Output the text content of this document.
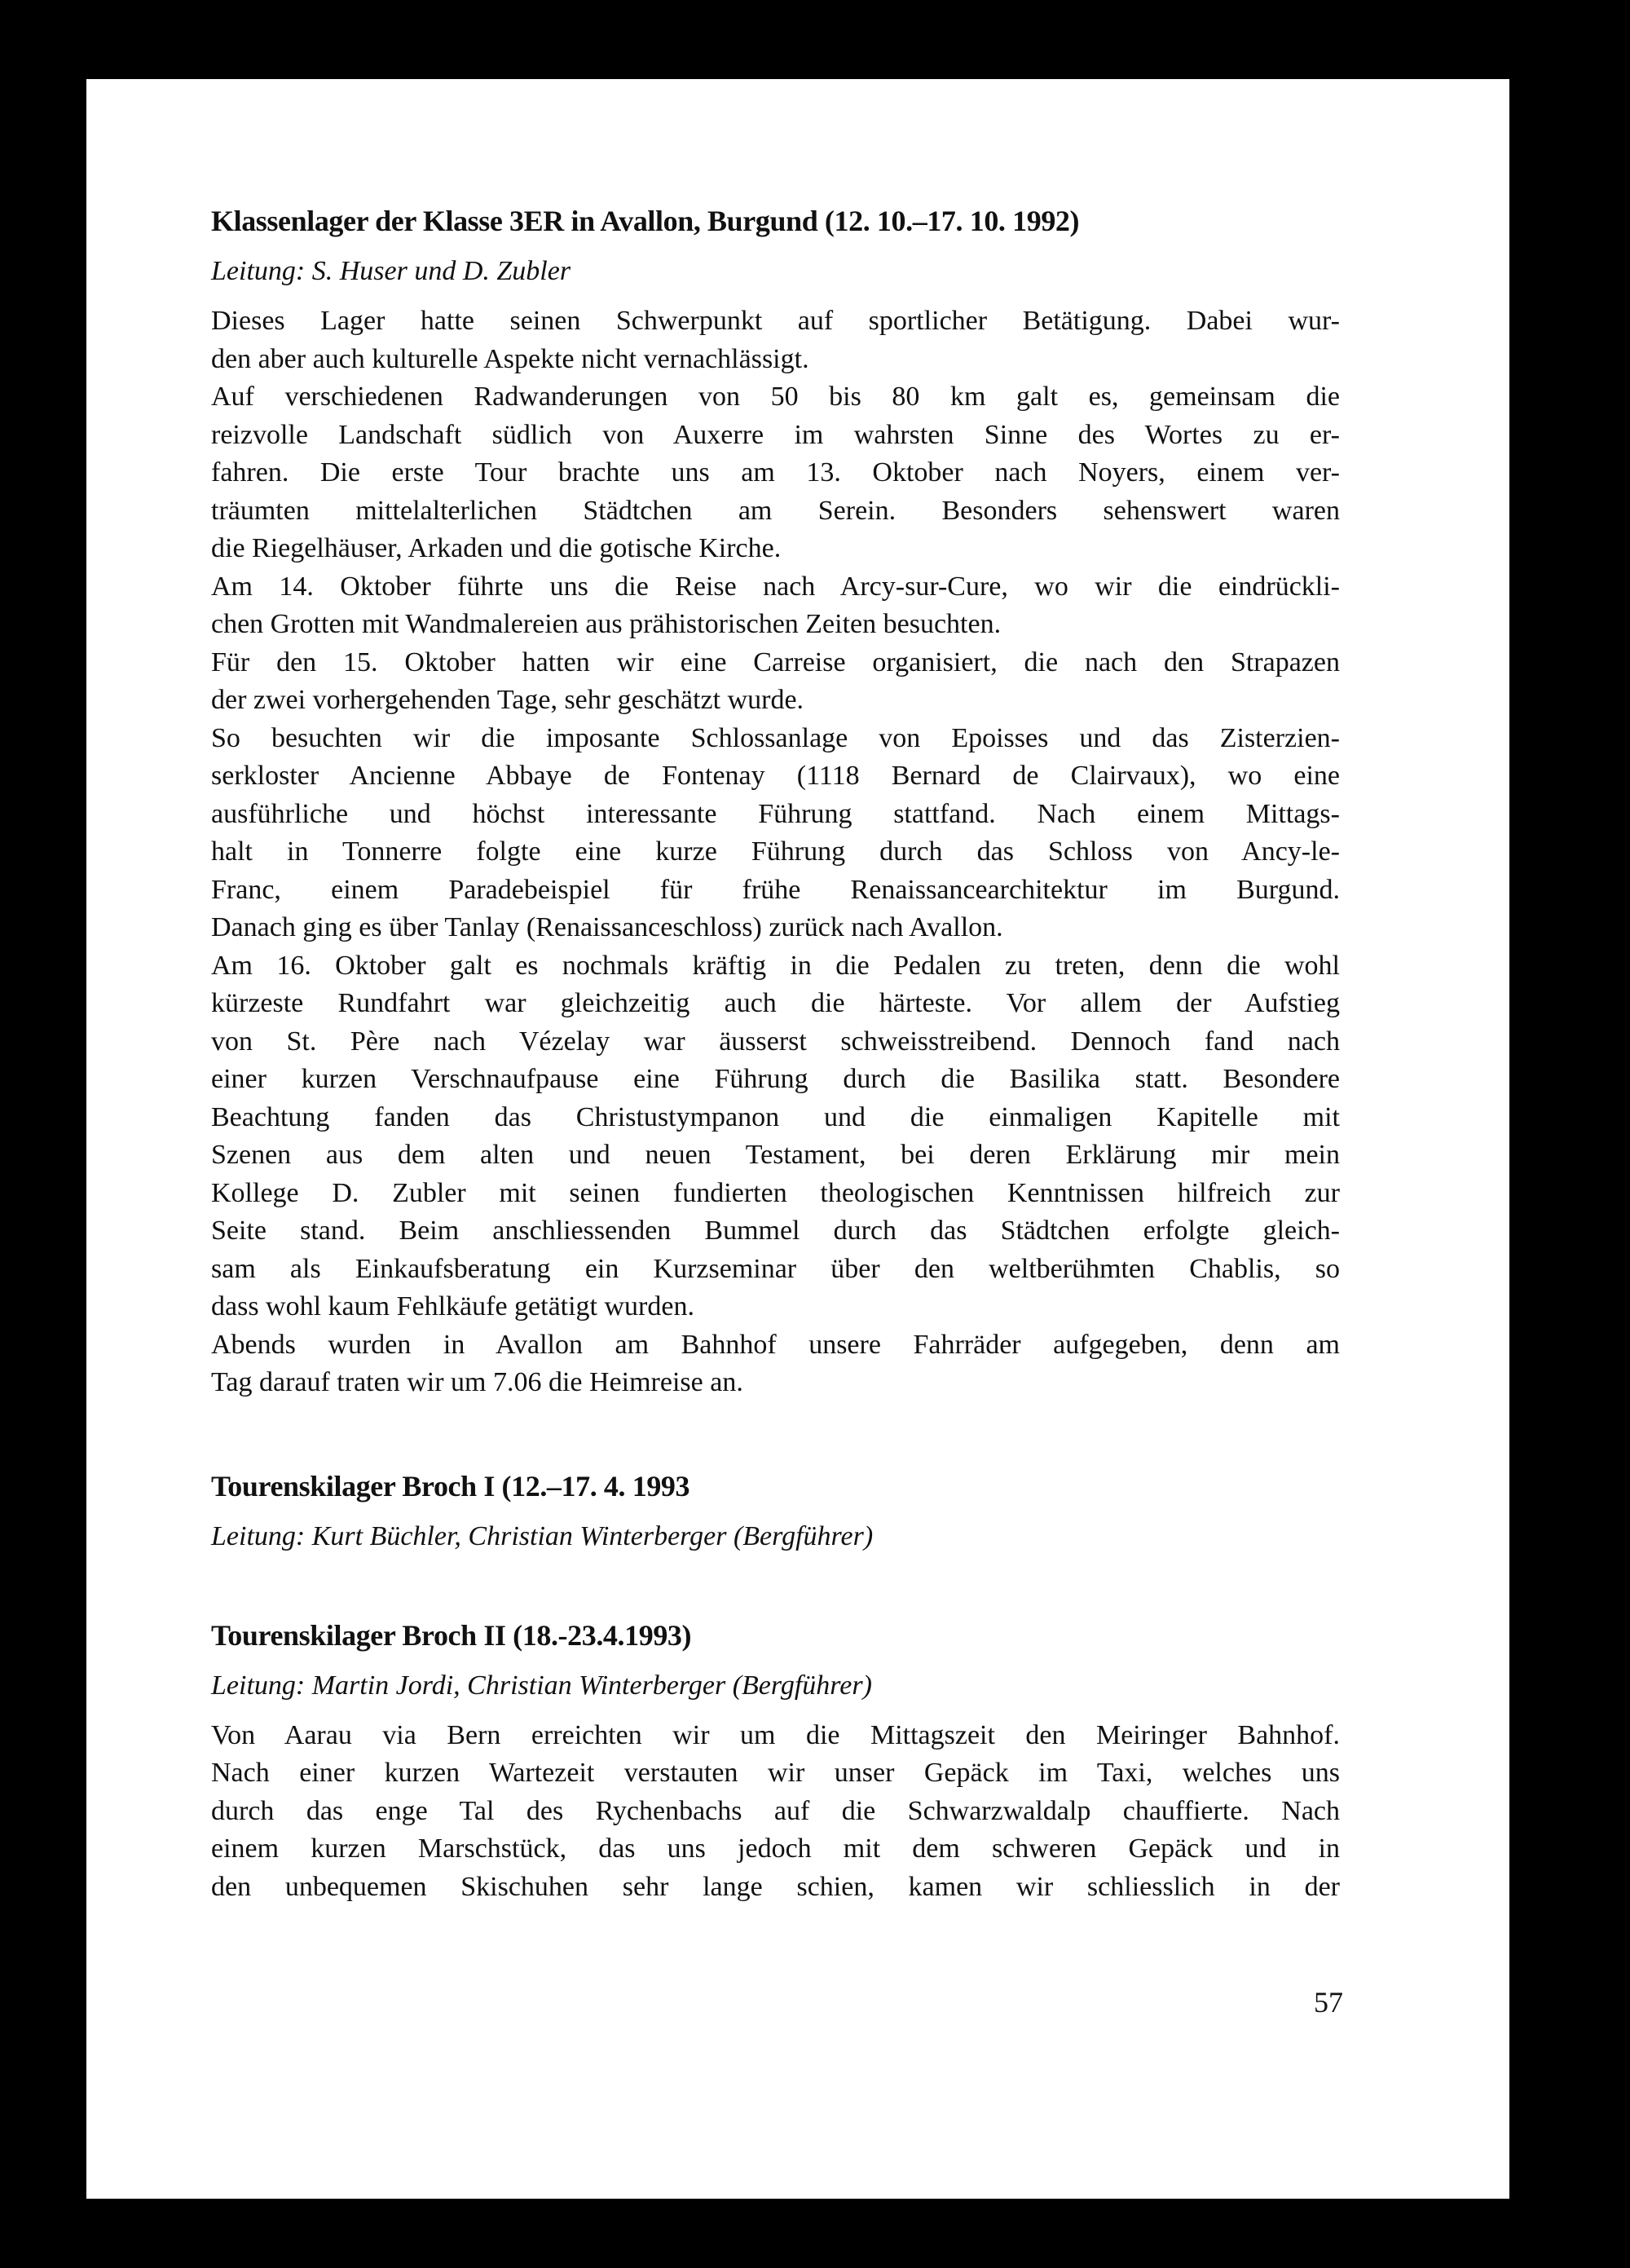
Klassenlager der Klasse 3ER in Avallon, Burgund (12. 10.–17. 10. 1992)
Leitung: S. Huser und D. Zubler
Dieses Lager hatte seinen Schwerpunkt auf sportlicher Betätigung. Dabei wur-
den aber auch kulturelle Aspekte nicht vernachlässigt.
Auf verschiedenen Radwanderungen von 50 bis 80 km galt es, gemeinsam die
reizvolle Landschaft südlich von Auxerre im wahrsten Sinne des Wortes zu er-
fahren. Die erste Tour brachte uns am 13. Oktober nach Noyers, einem ver-
träumten mittelalterlichen Städtchen am Serein. Besonders sehenswert waren
die Riegelhäuser, Arkaden und die gotische Kirche.
Am 14. Oktober führte uns die Reise nach Arcy-sur-Cure, wo wir die eindrückli-
chen Grotten mit Wandmalereien aus prähistorischen Zeiten besuchten.
Für den 15. Oktober hatten wir eine Carreise organisiert, die nach den Strapazen
der zwei vorhergehenden Tage, sehr geschätzt wurde.
So besuchten wir die imposante Schlossanlage von Epoisses und das Zisterzien-
serkloster Ancienne Abbaye de Fontenay (1118 Bernard de Clairvaux), wo eine
ausführliche und höchst interessante Führung stattfand. Nach einem Mittags-
halt in Tonnerre folgte eine kurze Führung durch das Schloss von Ancy-le-
Franc, einem Paradebeispiel für frühe Renaissancearchitektur im Burgund.
Danach ging es über Tanlay (Renaissanceschloss) zurück nach Avallon.
Am 16. Oktober galt es nochmals kräftig in die Pedalen zu treten, denn die wohl
kürzeste Rundfahrt war gleichzeitig auch die härteste. Vor allem der Aufstieg
von St. Père nach Vézelay war äusserst schweisstreibend. Dennoch fand nach
einer kurzen Verschnaufpause eine Führung durch die Basilika statt. Besondere
Beachtung fanden das Christustympanon und die einmaligen Kapitelle mit
Szenen aus dem alten und neuen Testament, bei deren Erklärung mir mein
Kollege D. Zubler mit seinen fundierten theologischen Kenntnissen hilfreich zur
Seite stand. Beim anschliessenden Bummel durch das Städtchen erfolgte gleich-
sam als Einkaufsberatung ein Kurzseminar über den weltberühmten Chablis, so
dass wohl kaum Fehlkäufe getätigt wurden.
Abends wurden in Avallon am Bahnhof unsere Fahrräder aufgegeben, denn am
Tag darauf traten wir um 7.06 die Heimreise an.
Tourenskilager Broch I (12.–17. 4. 1993
Leitung: Kurt Büchler, Christian Winterberger (Bergführer)
Tourenskilager Broch II (18.-23.4.1993)
Leitung: Martin Jordi, Christian Winterberger (Bergführer)
Von Aarau via Bern erreichten wir um die Mittagszeit den Meiringer Bahnhof.
Nach einer kurzen Wartezeit verstauten wir unser Gepäck im Taxi, welches uns
durch das enge Tal des Rychenbachs auf die Schwarzwaldalp chauffierte. Nach
einem kurzen Marschstück, das uns jedoch mit dem schweren Gepäck und in
den unbequemen Skischuhen sehr lange schien, kamen wir schliesslich in der
57
